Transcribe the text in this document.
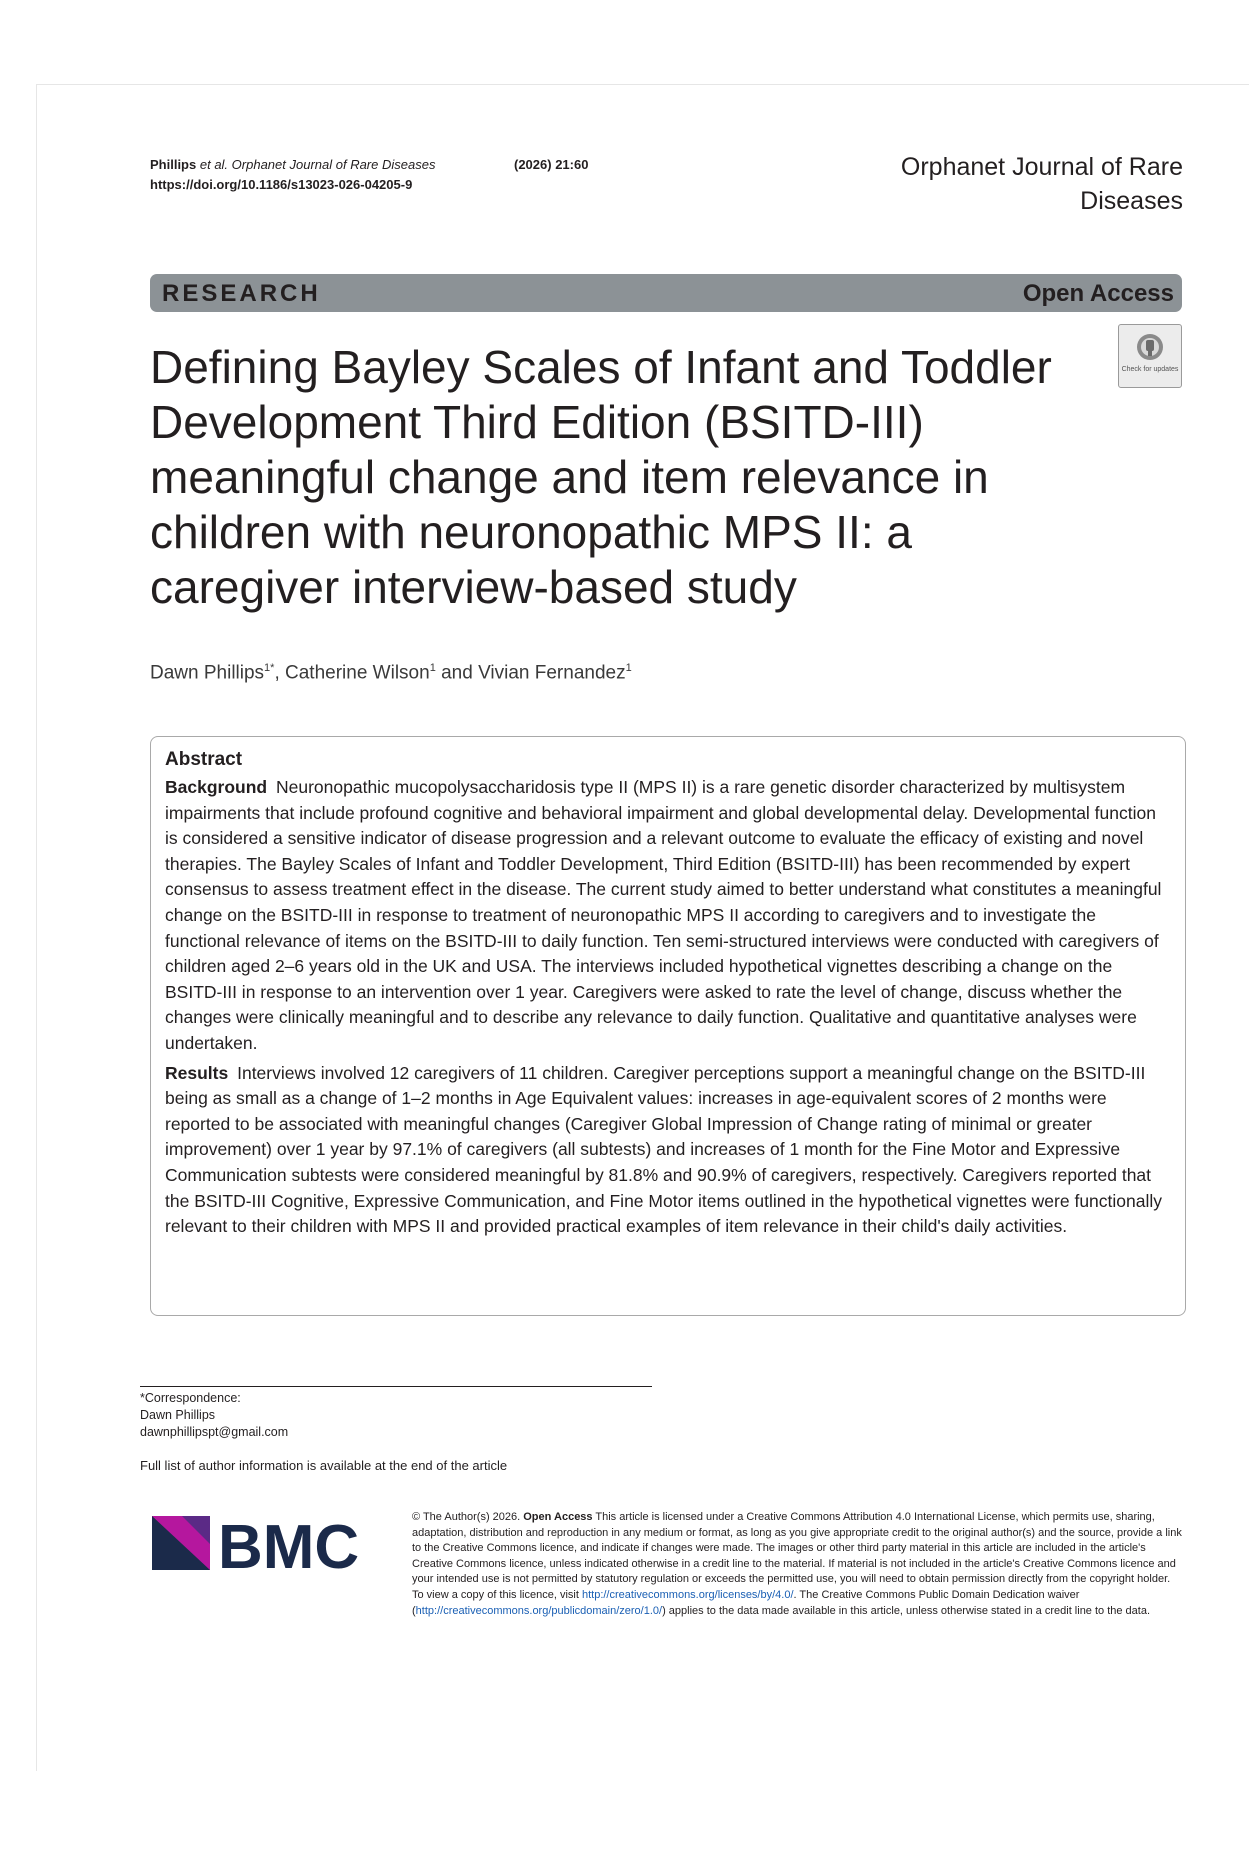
Phillips et al. Orphanet Journal of Rare Diseases	(2026) 21:60
https://doi.org/10.1186/s13023-026-04205-9
Orphanet Journal of Rare Diseases
RESEARCH	Open Access
Check for updates
Defining Bayley Scales of Infant and Toddler Development Third Edition (BSITD-III) meaningful change and item relevance in children with neuronopathic MPS II: a caregiver interview-based study
Dawn Phillips$^{1*}$, Catherine Wilson$^1$ and Vivian Fernandez$^1$
Abstract

Background Neuronopathic mucopolysaccharidosis type II (MPS II) is a rare genetic disorder characterized by multisystem impairments that include profound cognitive and behavioral impairment and global developmental delay. Developmental function is considered a sensitive indicator of disease progression and a relevant outcome to evaluate the efficacy of existing and novel therapies. The Bayley Scales of Infant and Toddler Development, Third Edition (BSITD-III) has been recommended by expert consensus to assess treatment effect in the disease. The current study aimed to better understand what constitutes a meaningful change on the BSITD-III in response to treatment of neuronopathic MPS II according to caregivers and to investigate the functional relevance of items on the BSITD-III to daily function. Ten semi-structured interviews were conducted with caregivers of children aged 2–6 years old in the UK and USA. The interviews included hypothetical vignettes describing a change on the BSITD-III in response to an intervention over 1 year. Caregivers were asked to rate the level of change, discuss whether the changes were clinically meaningful and to describe any relevance to daily function. Qualitative and quantitative analyses were undertaken.

Results Interviews involved 12 caregivers of 11 children. Caregiver perceptions support a meaningful change on the BSITD-III being as small as a change of 1–2 months in Age Equivalent values: increases in age-equivalent scores of 2 months were reported to be associated with meaningful changes (Caregiver Global Impression of Change rating of minimal or greater improvement) over 1 year by 97.1% of caregivers (all subtests) and increases of 1 month for the Fine Motor and Expressive Communication subtests were considered meaningful by 81.8% and 90.9% of caregivers, respectively. Caregivers reported that the BSITD-III Cognitive, Expressive Communication, and Fine Motor items outlined in the hypothetical vignettes were functionally relevant to their children with MPS II and provided practical examples of item relevance in their child's daily activities.

*Correspondence:
Dawn Phillips
dawnphillipspt@gmail.com
Full list of author information is available at the end of the article
BMC	© The Author(s) 2026. Open Access This article is licensed under a Creative Commons Attribution 4.0 International License, which permits use, sharing, adaptation, distribution and reproduction in any medium or format, as long as you give appropriate credit to the original author(s) and the source, provide a link to the Creative Commons licence, and indicate if changes were made. The images or other third party material in this article are included in the article's Creative Commons licence, unless indicated otherwise in a credit line to the material. If material is not included in the article's Creative Commons licence and your intended use is not permitted by statutory regulation or exceeds the permitted use, you will need to obtain permission directly from the copyright holder. To view a copy of this licence, visit http://creativecommons.org/licenses/by/4.0/. The Creative Commons Public Domain Dedication waiver (http://creativecommons.org/publicdomain/zero/1.0/) applies to the data made available in this article, unless otherwise stated in a credit line to the data.
